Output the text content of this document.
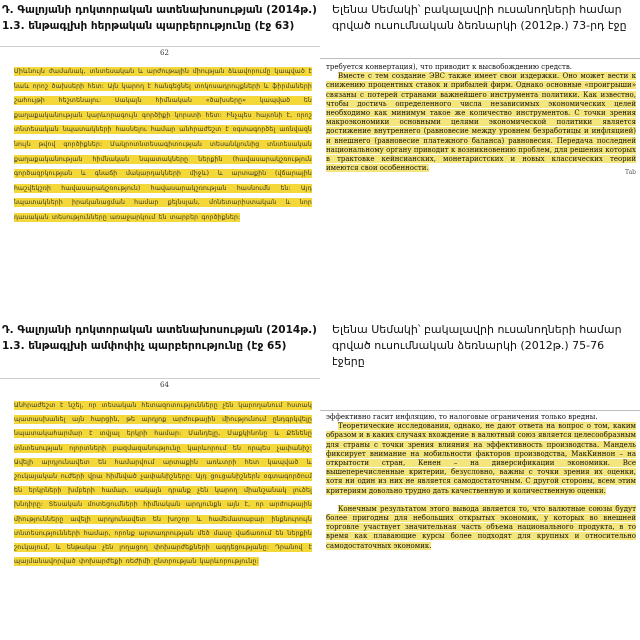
Դ. Գալոյանի դոկտորական ատենախոսության (2014թ.) 1.3. ենթագլխի հերթական պարբերությունը (էջ 63)
62
Միևնույն ժամանակ, տնտեսական և արժութային միության ձևավորումը կապված է նաև որոշ ծախսերի հետ: Այն կարող է հանգեցնել տոկոսադրույքների և ֆիրմաների շահույթի հեշտենալու: Սակայն հիմնական «ծախսերը» կապված են քաղաքականության կարևորագույն գործիքի կորստի հետ: Ինչպես հայտնի է, որոշ տնտեսական նպատակների հասնելու համար անհրաժեշտ է օգտագործել առնվազն նույն թվով գործիքներ: Մակրոտնտեսագիտության տեսանկյունից տնտեսական քաղաքականության հիմնական նպատակները ներքին (հավասարակշռություն գործազրկության և գնաճի մակարդակների միջև) և արտաքին (վճարային հաշվեկշռի հավասարակշռություն) հավասարակշռության հասնումն են: Այդ նպատակների իրականացման համար քեյնսյան, մոնետարիստական և նոր դասական տեսությունները առաջարկում են տարբեր գործիքներ:
Ելենա Սեմակի՝ բակալավրի ուսանողների համար գրված ուսումնական ձեռնարկի (2012թ.) 73-րդ էջը

требуется конвертация), что приводит к высвобождению средств.

Вместе с тем создание ЭВС также имеет свои издержки. Оно может вести к снижению процентных ставок и прибылей фирм. Однако основные «проигрыши» связаны с потерей странами важнейшего инструмента политики. Как известно, чтобы достичь определенного числа независимых экономических целей необходимо как минимум такое же количество инструментов. С точки зрения макроэкономики основными целями экономической политики является достижение внутреннего (равновесие между уровнем безработицы и инфляцией) и внешнего (равновесие платежного баланса) равновесия. Передача последней национальному органу приводит к возникновению проблем, для решения которых в трактовке кейнсианских, монетаристских и новых классических теорий имеются свои особенности.

Tab
Դ. Գալոյանի դոկտորական ատենախոսության (2014թ.) 1.3. ենթագլխի ամփոփիչ պարբերությունը (էջ 65)
64
Անհրաժեշտ է նշել, որ տեսական հետազոտությունները չեն կարողանում հստակ պատասխանել այն հարցին, թե արդյոք արժութային միությունում ընդգրկվելը նպատակահարմար է տվյալ երկրի համար: Մանդելը, Մաքկինոնը և Քենենը տնտեսության ոլորտների բազմազանությունը կարևորում են որպես չափանիշ: Ավելի արդյունավետ են համարվում արտաքին առևտրի հետ կապված և շուկայական ուժերի վրա հիմնված չափանիշները: Այդ ցուցանիշներն օգտագործում են երկրների խմբերի համար, սակայն դրանք չեն կարող միանշանակ լուծել խնդիրը: Տեսական մոտեցումների հիմնական արդյունքն այն է, որ արժութային միությունները ավելի արդյունավետ են խոշոր և համեմատաբար ինքնուրույն տնտեսությունների համար, որոնք արտադրության մեծ մասը վաճառում են ներքին շուկայում, և ենթակա չեն լողացող փոխարժեքների ազդեցությանը: Դրանով է պայմանավորված փոխարժեքի ռեժիմի ընտրության կարևորությունը:
Ելենա Սեմակի՝ բակալավրի ուսանողների համար գրված ուսումնական ձեռնարկի (2012թ.) 75-76 էջերը

эффективно гасит инфляцию, то налоговые ограничения только вредны.

Теоретические исследования, однако, не дают ответа на вопрос о том, каким образом и в каких случаях вхождение в валютный союз является целесообразным для страны с точки зрения влияния на эффективность производства. Мандель фиксирует внимание на мобильности факторов производства, МакКиннон – на открытости стран, Кенен – на диверсификации экономики. Все вышеперечисленные критерии, безусловно, важны с точки зрения их оценки, хотя ни один из них не является самодостаточным. С другой стороны, всем этим критериям довольно трудно дать качественную и количественную оценки.

Конечным результатом этого вывода является то, что валютные союзы будут более пригодны для небольших открытых экономик, у которых во внешней торговле участвует значительная часть объема национального продукта, в то время как плавающие курсы более подходят для крупных и относительно самодостаточных экономик.
